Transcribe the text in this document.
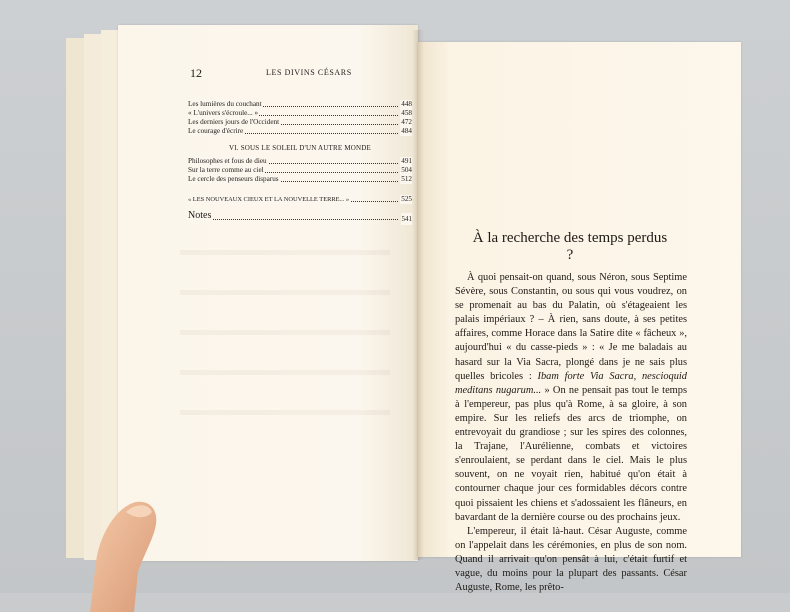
12	LES DIVINS CÉSARS
Les lumières du couchant	448
« L'univers s'écroule... »	458
Les derniers jours de l'Occident	472
Le courage d'écrire	484
VI. SOUS LE SOLEIL D'UN AUTRE MONDE
Philosophes et fous de dieu	491
Sur la terre comme au ciel	504
Le cercle des penseurs disparus	512
« LES NOUVEAUX CIEUX ET LA NOUVELLE TERRE... »	525
Notes	541
À la recherche des temps perdus ?

À quoi pensait-on quand, sous Néron, sous Septime Sévère, sous Constantin, ou sous qui vous voudrez, on se promenait au bas du Palatin, où s'étageaient les palais impériaux ? – À rien, sans doute, à ses petites affaires, comme Horace dans la Satire dite « fâcheux », aujourd'hui « du casse-pieds » : « Je me baladais au hasard sur la Via Sacra, plongé dans je ne sais plus quelles bricoles : Ibam forte Via Sacra, nescioquid meditans nugarum... » On ne pensait pas tout le temps à l'empereur, pas plus qu'à Rome, à sa gloire, à son empire. Sur les reliefs des arcs de triomphe, on entrevoyait du grandiose ; sur les spires des colonnes, la Trajane, l'Aurélienne, combats et victoires s'enroulaient, se perdant dans le ciel. Mais le plus souvent, on ne voyait rien, habitué qu'on était à contourner chaque jour ces formidables décors contre quoi pissaient les chiens et s'adossaient les flâneurs, en bavardant de la dernière course ou des prochains jeux.

L'empereur, il était là-haut. César Auguste, comme on l'appelait dans les cérémonies, en plus de son nom. Quand il arrivait qu'on pensât à lui, c'était furtif et vague, du moins pour la plupart des passants. César Auguste, Rome, les prêto-
